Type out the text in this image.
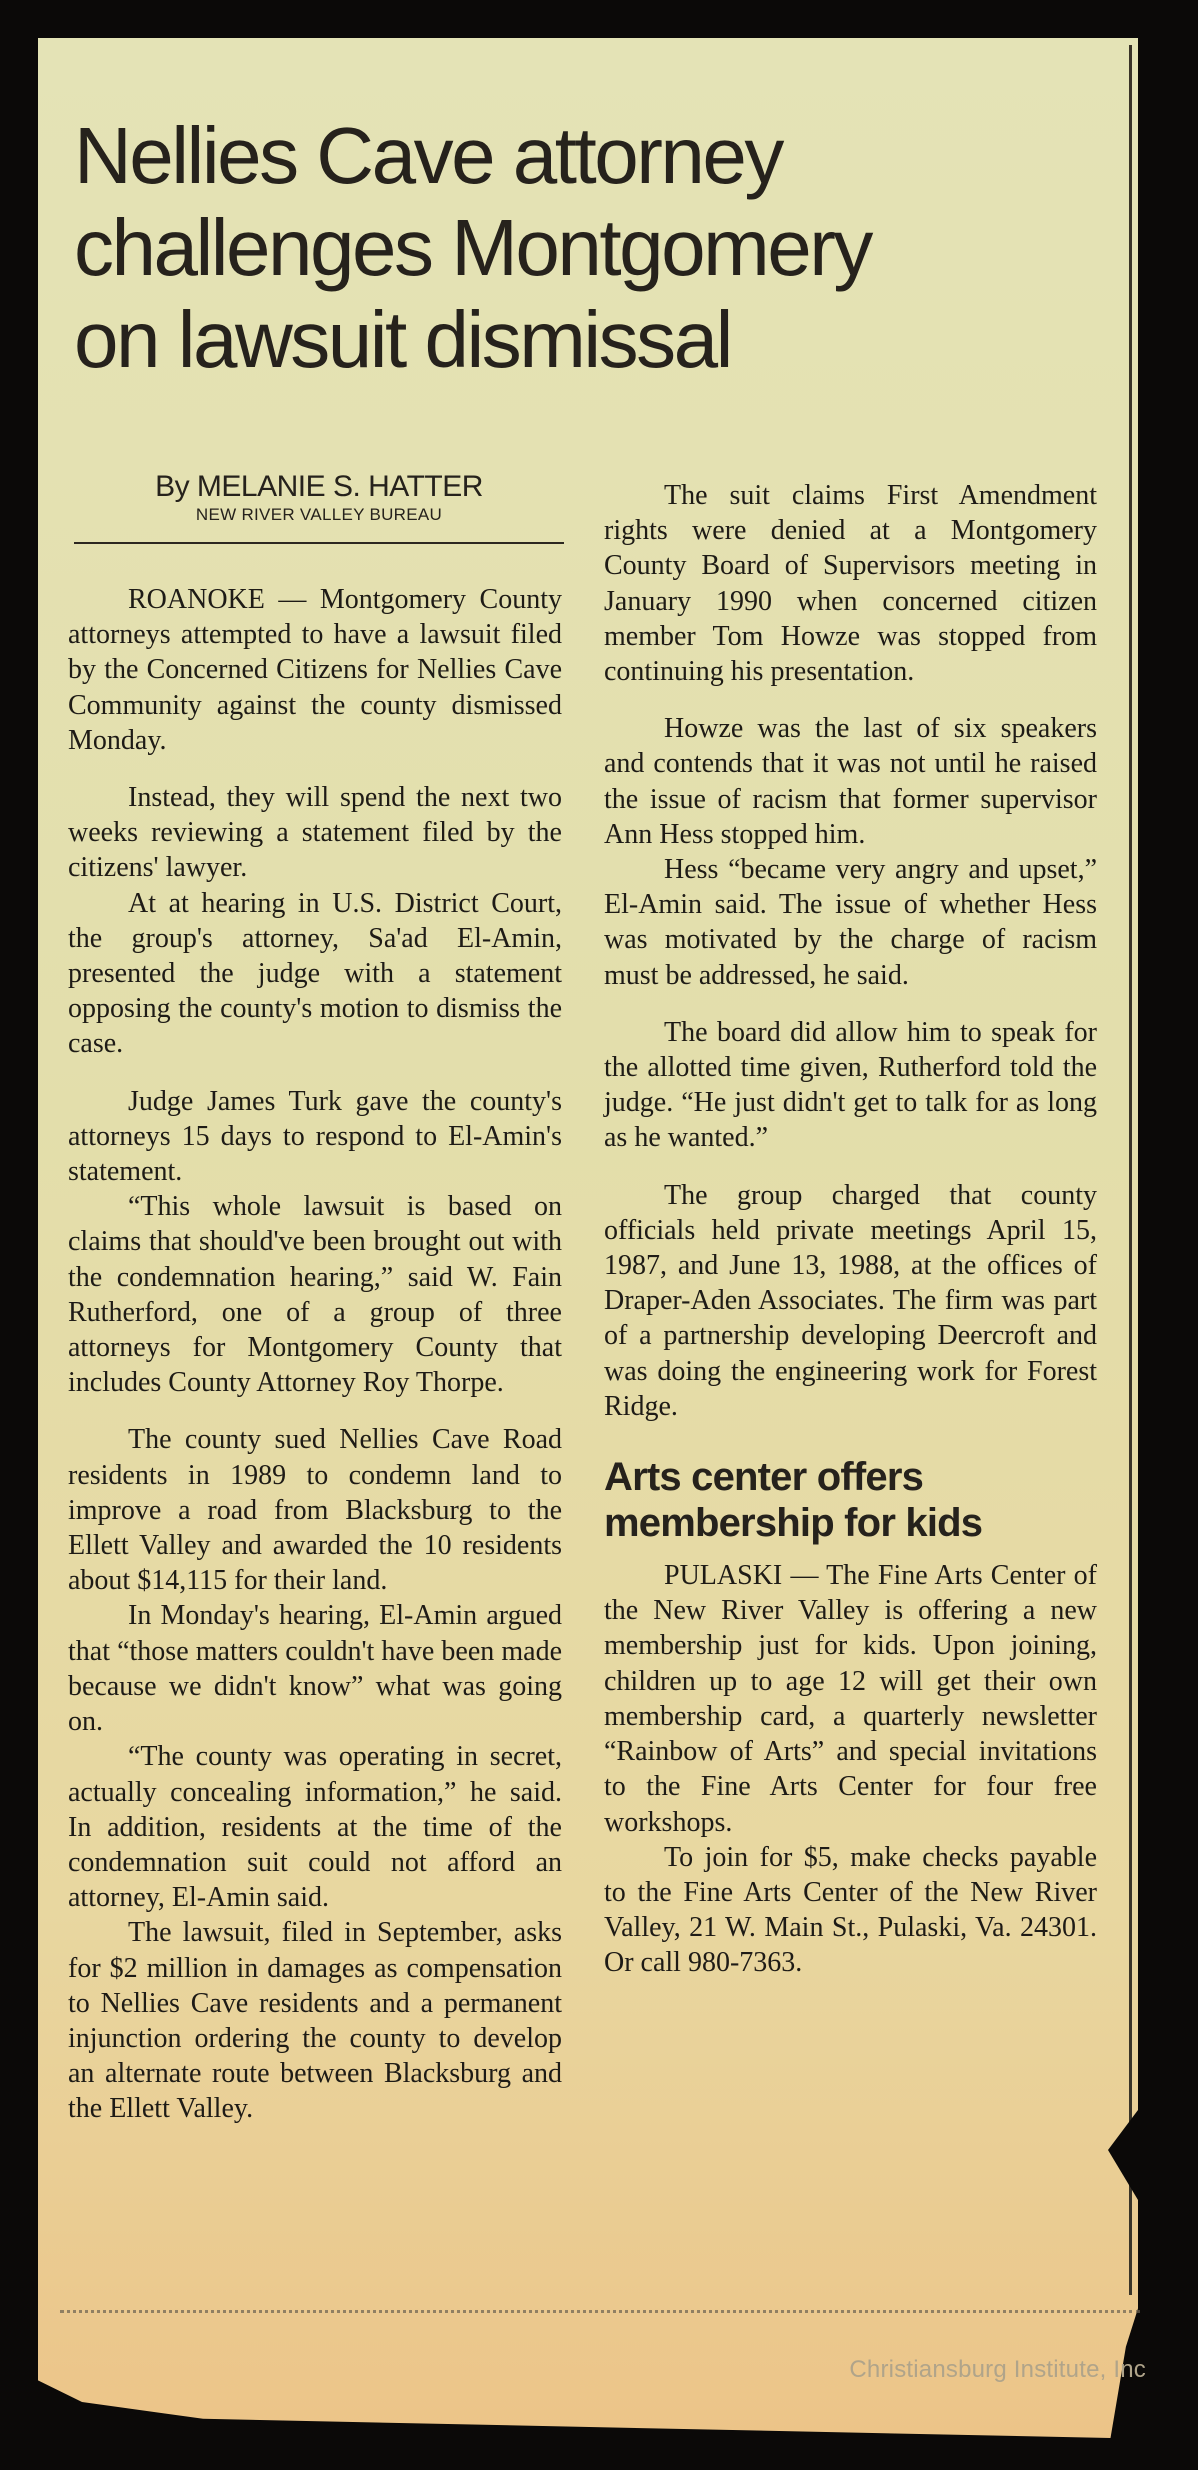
Nellies Cave attorney
challenges Montgomery
on lawsuit dismissal
By MELANIE S. HATTER
NEW RIVER VALLEY BUREAU

ROANOKE — Montgomery County attorneys attempted to have a lawsuit filed by the Concerned Citizens for Nellies Cave Community against the county dismissed Monday.

Instead, they will spend the next two weeks reviewing a statement filed by the citizens' lawyer.

At at hearing in U.S. District Court, the group's attorney, Sa'ad El-Amin, presented the judge with a statement opposing the county's motion to dismiss the case.

Judge James Turk gave the county's attorneys 15 days to respond to El-Amin's statement.

“This whole lawsuit is based on claims that should've been brought out with the condemnation hearing,” said W. Fain Rutherford, one of a group of three attorneys for Montgomery County that includes County Attorney Roy Thorpe.

The county sued Nellies Cave Road residents in 1989 to condemn land to improve a road from Blacksburg to the Ellett Valley and awarded the 10 residents about $14,115 for their land.

In Monday's hearing, El-Amin argued that “those matters couldn't have been made because we didn't know” what was going on.

“The county was operating in secret, actually concealing information,” he said. In addition, residents at the time of the condemnation suit could not afford an attorney, El-Amin said.

The lawsuit, filed in September, asks for $2 million in damages as compensation to Nellies Cave residents and a permanent injunction ordering the county to develop an alternate route between Blacksburg and the Ellett Valley.

The suit claims First Amendment rights were denied at a Montgomery County Board of Supervisors meeting in January 1990 when concerned citizen member Tom Howze was stopped from continuing his presentation.

Howze was the last of six speakers and contends that it was not until he raised the issue of racism that former supervisor Ann Hess stopped him.

Hess “became very angry and upset,” El-Amin said. The issue of whether Hess was motivated by the charge of racism must be addressed, he said.

The board did allow him to speak for the allotted time given, Rutherford told the judge. “He just didn't get to talk for as long as he wanted.”

The group charged that county officials held private meetings April 15, 1987, and June 13, 1988, at the offices of Draper-Aden Associates. The firm was part of a partnership developing Deercroft and was doing the engineering work for Forest Ridge.

Arts center offers membership for kids

PULASKI — The Fine Arts Center of the New River Valley is offering a new membership just for kids. Upon joining, children up to age 12 will get their own membership card, a quarterly newsletter “Rainbow of Arts” and special invitations to the Fine Arts Center for four free workshops.

To join for $5, make checks payable to the Fine Arts Center of the New River Valley, 21 W. Main St., Pulaski, Va. 24301. Or call 980-7363.

Christiansburg Institute, Inc
